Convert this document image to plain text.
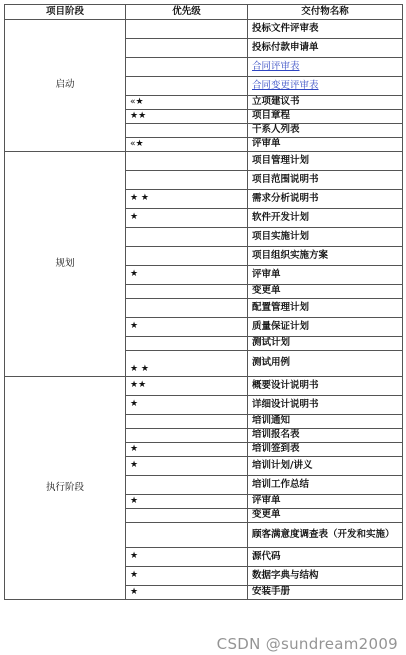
项目阶段	优先级	交付物名称
启动		投标文件评审表
		投标付款申请单
		合同评审表
		合同变更评审表
	«★	立项建议书
	★★	项目章程
		干系人列表
	«★	评审单
规划		项目管理计划
		项目范围说明书
	★ ★	需求分析说明书
	★	软件开发计划
		项目实施计划
		项目组织实施方案
	★	评审单
		变更单
		配置管理计划
	★	质量保证计划
		测试计划
	★ ★	测试用例
执行阶段	★★	概要设计说明书
	★	详细设计说明书
		培训通知
		培训报名表
	★	培训签到表
	★	培训计划/讲义
		培训工作总结
	★	评审单
		变更单
		顾客满意度调查表（开发和实施）
	★	源代码
	★	数据字典与结构
	★	安装手册
CSDN @sundream2009
